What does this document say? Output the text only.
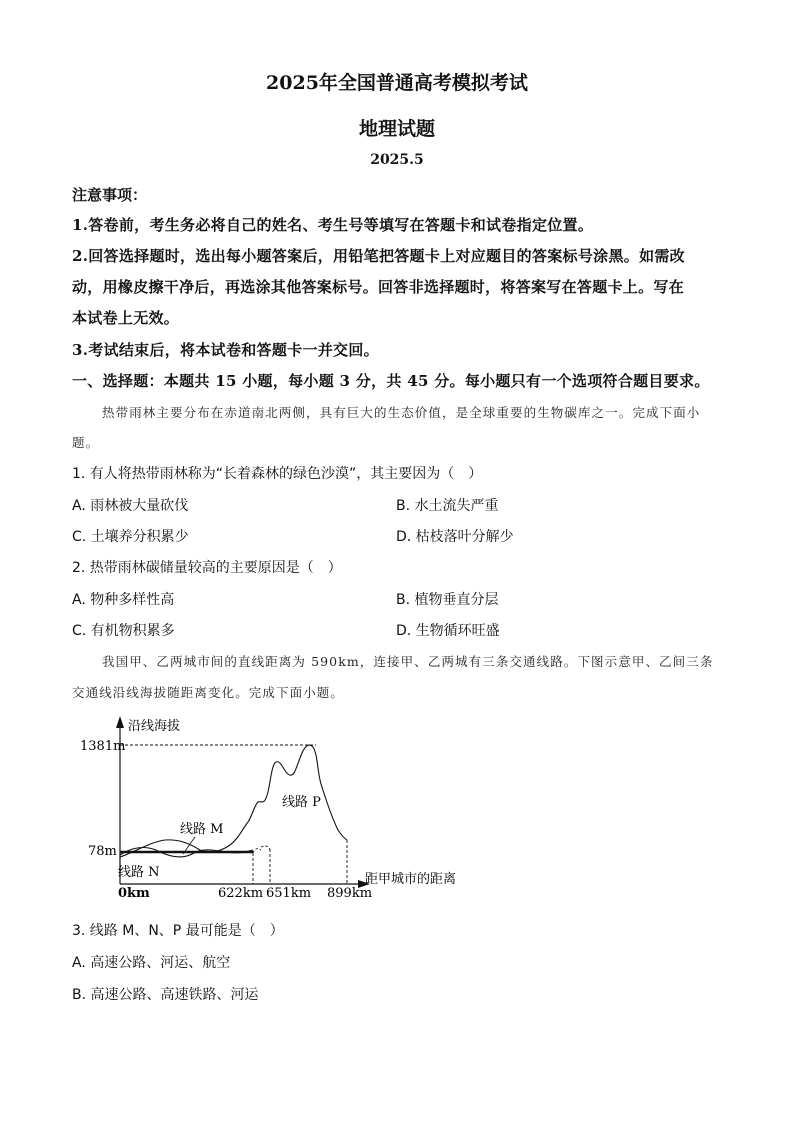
2025年全国普通高考模拟考试
地理试题
2025.5
注意事项：
1.答卷前，考生务必将自己的姓名、考生号等填写在答题卡和试卷指定位置。
2.回答选择题时，选出每小题答案后，用铅笔把答题卡上对应题目的答案标号涂黑。如需改
动，用橡皮擦干净后，再选涂其他答案标号。回答非选择题时，将答案写在答题卡上。写在
本试卷上无效。
3.考试结束后，将本试卷和答题卡一并交回。
一、选择题：本题共 15 小题，每小题 3 分，共 45 分。每小题只有一个选项符合题目要求。
热带雨林主要分布在赤道南北两侧，具有巨大的生态价值，是全球重要的生物碳库之一。完成下面小
题。
1. 有人将热带雨林称为“长着森林的绿色沙漠”，其主要因为（　）
A. 雨林被大量砍伐	B. 水土流失严重
C. 土壤养分积累少	D. 枯枝落叶分解少
2. 热带雨林碳储量较高的主要原因是（　）
A. 物种多样性高	B. 植物垂直分层
C. 有机物积累多	D. 生物循环旺盛
我国甲、乙两城市间的直线距离为 590km，连接甲、乙两城有三条交通线路。下图示意甲、乙间三条
交通线沿线海拔随距离变化。完成下面小题。
沿线海拔
距甲城市的距离
1381m
78m
0km	622km 651km 899km
线路 M
线路 N
线路 P
3. 线路 M、N、P 最可能是（　）
A. 高速公路、河运、航空
B. 高速公路、高速铁路、河运
